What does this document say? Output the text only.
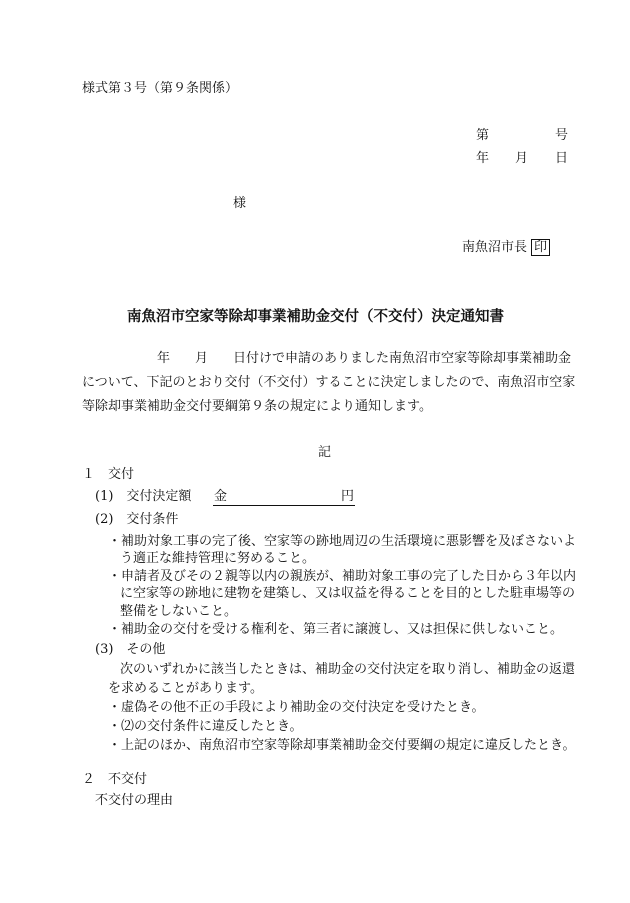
様式第３号（第９条関係）
第	号
年 月 日
様
南魚沼市長 印
南魚沼市空家等除却事業補助金交付（不交付）決定通知書
年 月 日付けで申請のありました南魚沼市空家等除却事業補助金
について、下記のとおり交付（不交付）することに決定しましたので、南魚沼市空家
等除却事業補助金交付要綱第９条の規定により通知します。
記
１　交付
(1)　交付決定額 金	円
(2)　交付条件
・補助対象工事の完了後、空家等の跡地周辺の生活環境に悪影響を及ぼさないよ
う適正な維持管理に努めること。
・申請者及びその２親等以内の親族が、補助対象工事の完了した日から３年以内
に空家等の跡地に建物を建築し、又は収益を得ることを目的とした駐車場等の
整備をしないこと。
・補助金の交付を受ける権利を、第三者に譲渡し、又は担保に供しないこと。
(3)　その他
次のいずれかに該当したときは、補助金の交付決定を取り消し、補助金の返還
を求めることがあります。
・虚偽その他不正の手段により補助金の交付決定を受けたとき。
・⑵の交付条件に違反したとき。
・上記のほか、南魚沼市空家等除却事業補助金交付要綱の規定に違反したとき。
２　不交付
不交付の理由
